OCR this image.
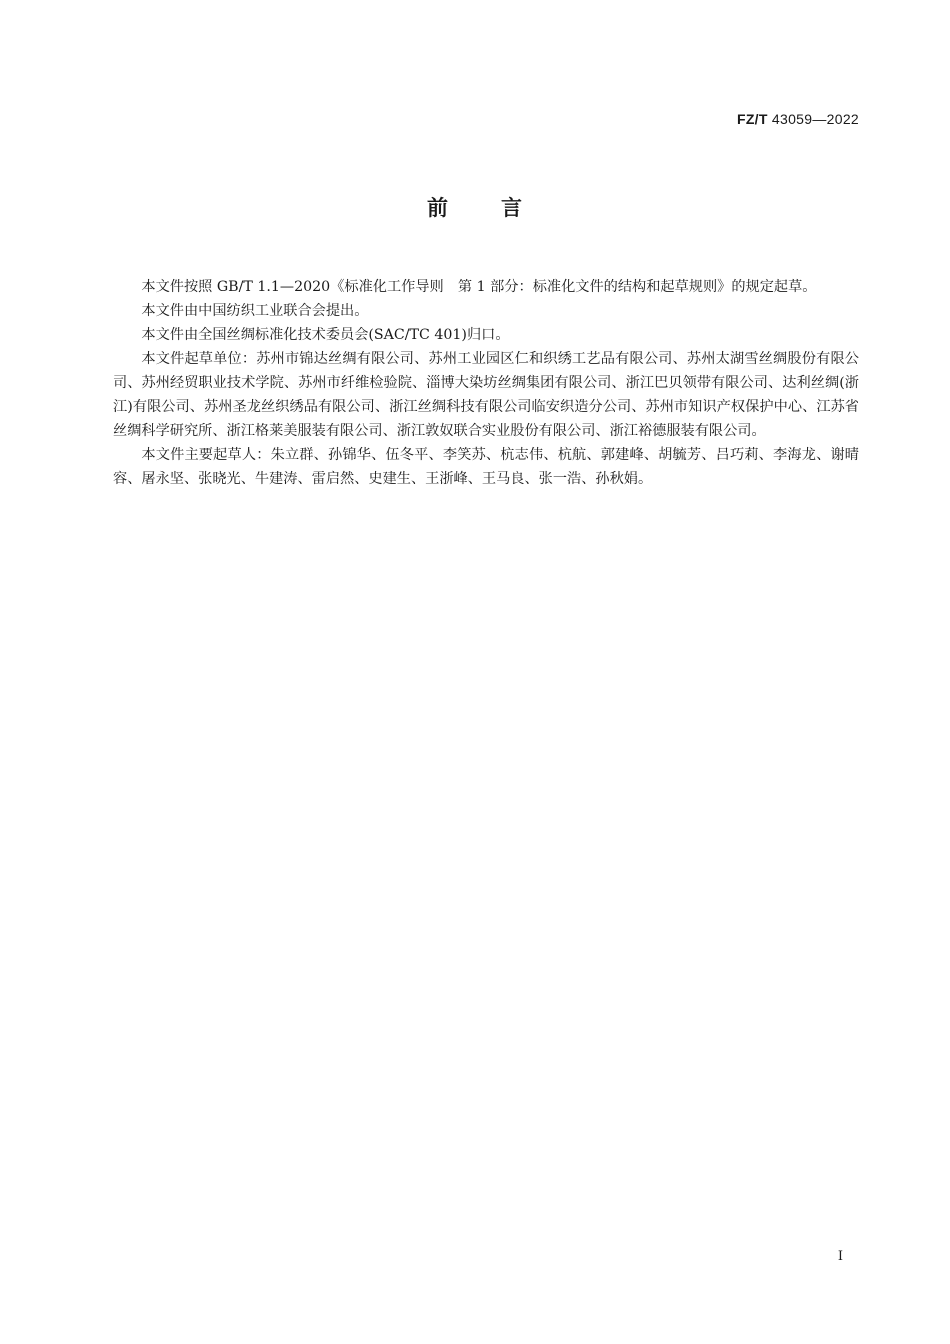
FZ/T 43059—2022
前 言

本文件按照 GB/T 1.1—2020《标准化工作导则　第 1 部分：标准化文件的结构和起草规则》的规定起草。

本文件由中国纺织工业联合会提出。

本文件由全国丝绸标准化技术委员会(SAC/TC 401)归口。

本文件起草单位：苏州市锦达丝绸有限公司、苏州工业园区仁和织绣工艺品有限公司、苏州太湖雪丝绸股份有限公司、苏州经贸职业技术学院、苏州市纤维检验院、淄博大染坊丝绸集团有限公司、浙江巴贝领带有限公司、达利丝绸(浙江)有限公司、苏州圣龙丝织绣品有限公司、浙江丝绸科技有限公司临安织造分公司、苏州市知识产权保护中心、江苏省丝绸科学研究所、浙江格莱美服装有限公司、浙江敦奴联合实业股份有限公司、浙江裕德服装有限公司。

本文件主要起草人：朱立群、孙锦华、伍冬平、李笑苏、杭志伟、杭航、郭建峰、胡毓芳、吕巧莉、李海龙、谢晴容、屠永坚、张晓光、牛建涛、雷启然、史建生、王浙峰、王马良、张一浩、孙秋娟。

I
